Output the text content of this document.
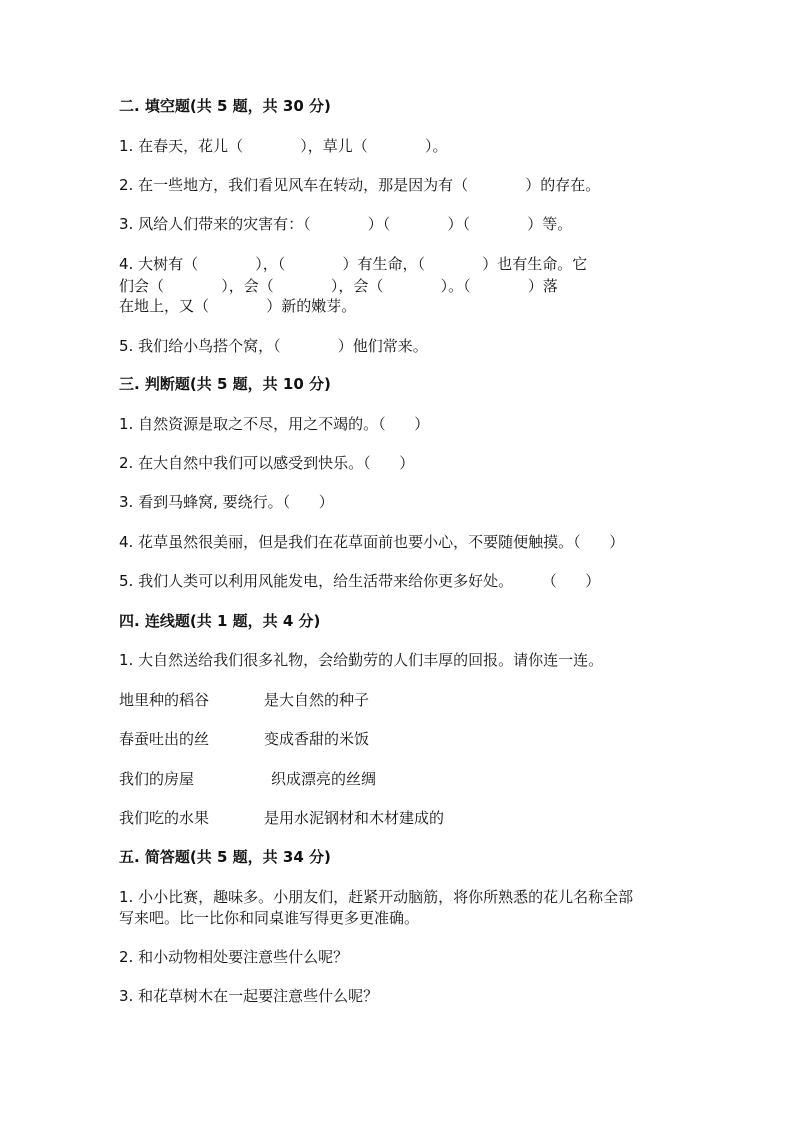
二. 填空题(共 5 题，共 30 分)
1. 在春天，花儿（            ），草儿（            ）。
2. 在一些地方，我们看见风车在转动，那是因为有（            ）的存在。
3. 风给人们带来的灾害有：（            ）（            ）（            ）等。
4. 大树有（            ），（            ）有生命，（            ）也有生命。它
们会（            ），会（            ），会（            ）。（            ）落
在地上，又（            ）新的嫩芽。
5. 我们给小鸟搭个窝，（            ）他们常来。
三. 判断题(共 5 题，共 10 分)
1. 自然资源是取之不尽，用之不竭的。（      ）
2. 在大自然中我们可以感受到快乐。（      ）
3. 看到马蜂窝, 要绕行。（      ）
4. 花草虽然很美丽，但是我们在花草面前也要小心，不要随便触摸。（      ）
5. 我们人类可以利用风能发电，给生活带来给你更多好处。      （      ）
四. 连线题(共 1 题，共 4 分)
1. 大自然送给我们很多礼物，会给勤劳的人们丰厚的回报。请你连一连。
地里种的稻谷	是大自然的种子
春蚕吐出的丝	变成香甜的米饭
我们的房屋	织成漂亮的丝绸
我们吃的水果	是用水泥钢材和木材建成的
五. 简答题(共 5 题，共 34 分)
1. 小小比赛，趣味多。小朋友们，赶紧开动脑筋，将你所熟悉的花儿名称全部
写来吧。比一比你和同桌谁写得更多更准确。
2. 和小动物相处要注意些什么呢？
3. 和花草树木在一起要注意些什么呢？
